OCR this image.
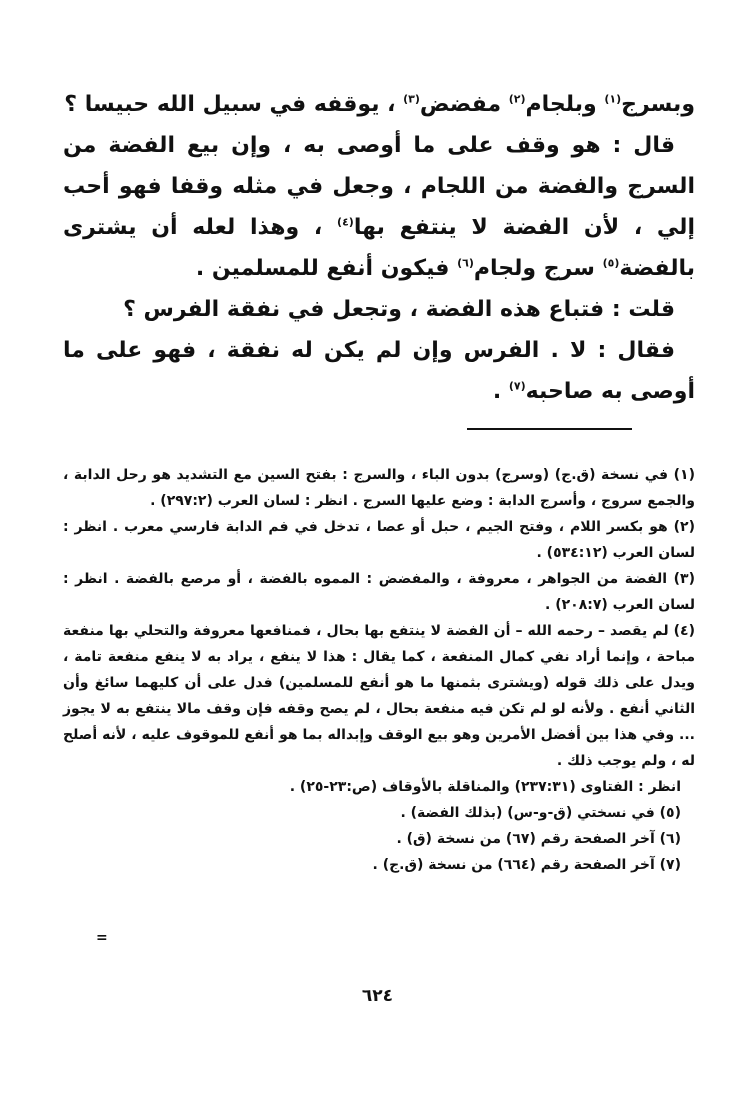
وبسرج$^{(١)}$ وبلجام$^{(٢)}$ مفضض$^{(٣)}$ ، يوقفه في سبيل الله حبيسا ؟

قال : هو وقف على ما أوصى به ، وإن بيع الفضة من السرج والفضة من اللجام ، وجعل في مثله وقفا فهو أحب إلي ، لأن الفضة لا ينتفع بها$^{(٤)}$ ، وهذا لعله أن يشترى بالفضة$^{(٥)}$ سرج ولجام$^{(٦)}$ فيكون أنفع للمسلمين .

قلت : فتباع هذه الفضة ، وتجعل في نفقة الفرس ؟

فقال : لا . الفرس وإن لم يكن له نفقة ، فهو على ما أوصى به صاحبه$^{(٧)}$ .

(١) في نسخة (ق.ج) (وسرج) بدون الباء ، والسرج : بفتح السين مع التشديد هو رحل الدابة ، والجمع سروج ، وأسرج الدابة : وضع عليها السرج . انظر : لسان العرب (٢٩٧:٢) .

(٢) هو بكسر اللام ، وفتح الجيم ، حبل أو عصا ، تدخل في فم الدابة فارسي معرب . انظر : لسان العرب (٥٣٤:١٢) .

(٣) الفضة من الجواهر ، معروفة ، والمفضض : المموه بالفضة ، أو مرصع بالفضة . انظر : لسان العرب (٢٠٨:٧) .

(٤) لم يقصد – رحمه الله – أن الفضة لا ينتفع بها بحال ، فمنافعها معروفة والتحلي بها منفعة مباحة ، وإنما أراد نفي كمال المنفعة ، كما يقال : هذا لا ينفع ، يراد به لا ينفع منفعة تامة ، ويدل على ذلك قوله (ويشترى بثمنها ما هو أنفع للمسلمين) فدل على أن كليهما سائغ وأن الثاني أنفع . ولأنه لو لم تكن فيه منفعة بحال ، لم يصح وقفه فإن وقف مالا ينتفع به لا يجوز ... وفي هذا بين أفضل الأمرين وهو بيع الوقف وإبداله بما هو أنفع للموقوف عليه ، لأنه أصلح له ، ولم يوجب ذلك .

انظر : الفتاوى (٢٣٧:٣١) والمناقلة بالأوقاف (ص:٢٣-٢٥) .

(٥) في نسختي (ق-و-س) (بذلك الفضة) .

(٦) آخر الصفحة رقم (٦٧) من نسخة (ق) .

(٧) آخر الصفحة رقم (٦٦٤) من نسخة (ق.ج) .

=
٦٢٤
